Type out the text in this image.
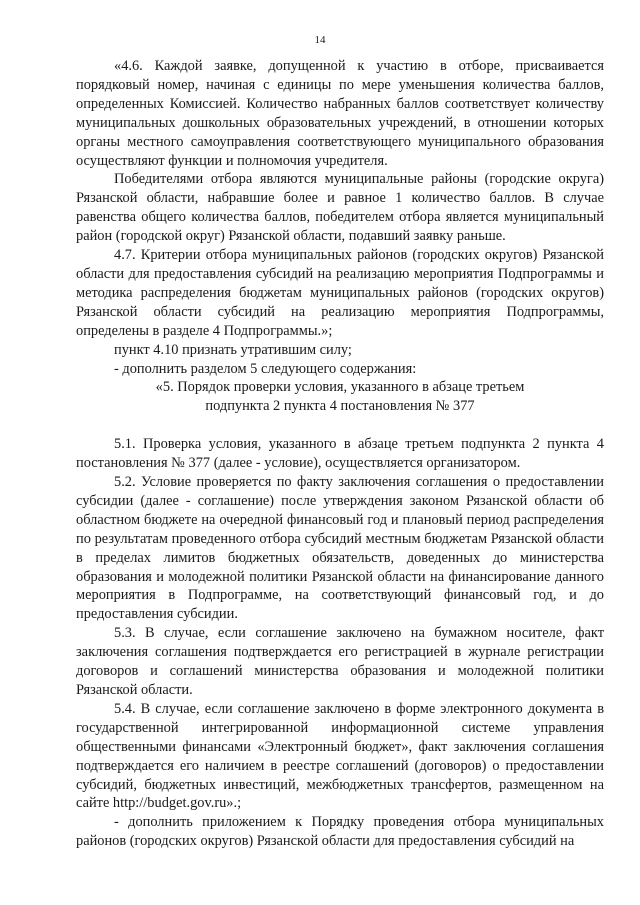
14

«4.6. Каждой заявке, допущенной к участию в отборе, присваивается порядковый номер, начиная с единицы по мере уменьшения количества баллов, определенных Комиссией. Количество набранных баллов соответствует количеству муниципальных дошкольных образовательных учреждений, в отношении которых органы местного самоуправления соответствующего муниципального образования осуществляют функции и полномочия учредителя.

Победителями отбора являются муниципальные районы (городские округа) Рязанской области, набравшие более и равное 1 количество баллов. В случае равенства общего количества баллов, победителем отбора является муниципальный район (городской округ) Рязанской области, подавший заявку раньше.

4.7. Критерии отбора муниципальных районов (городских округов) Рязанской области для предоставления субсидий на реализацию мероприятия Подпрограммы и методика распределения бюджетам муниципальных районов (городских округов) Рязанской области субсидий на реализацию мероприятия Подпрограммы, определены в разделе 4 Подпрограммы.»;

пункт 4.10 признать утратившим силу;

- дополнить разделом 5 следующего содержания:

«5. Порядок проверки условия, указанного в абзаце третьем

подпункта 2 пункта 4 постановления № 377

5.1. Проверка условия, указанного в абзаце третьем подпункта 2 пункта 4 постановления № 377 (далее - условие), осуществляется организатором.

5.2. Условие проверяется по факту заключения соглашения о предоставлении субсидии (далее - соглашение) после утверждения законом Рязанской области об областном бюджете на очередной финансовый год и плановый период распределения по результатам проведенного отбора субсидий местным бюджетам Рязанской области в пределах лимитов бюджетных обязательств, доведенных до министерства образования и молодежной политики Рязанской области на финансирование данного мероприятия в Подпрограмме, на соответствующий финансовый год, и до предоставления субсидии.

5.3. В случае, если соглашение заключено на бумажном носителе, факт заключения соглашения подтверждается его регистрацией в журнале регистрации договоров и соглашений министерства образования и молодежной политики Рязанской области.

5.4. В случае, если соглашение заключено в форме электронного документа в государственной интегрированной информационной системе управления общественными финансами «Электронный бюджет», факт заключения соглашения подтверждается его наличием в реестре соглашений (договоров) о предоставлении субсидий, бюджетных инвестиций, межбюджетных трансфертов, размещенном на сайте http://budget.gov.ru».;

- дополнить приложением к Порядку проведения отбора муниципальных районов (городских округов) Рязанской области для предоставления субсидий на
